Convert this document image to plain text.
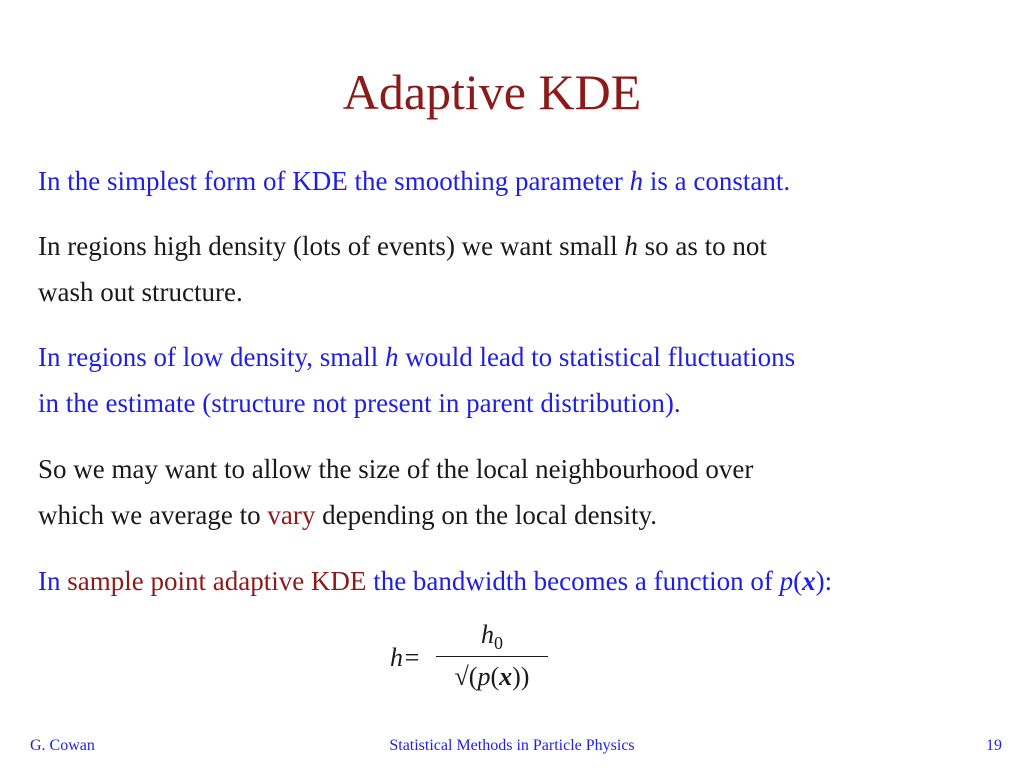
Adaptive KDE
In the simplest form of KDE the smoothing parameter h is a constant.
In regions high density (lots of events) we want small h so as to not
wash out structure.
In regions of low density, small h would lead to statistical fluctuations
in the estimate (structure not present in parent distribution).
So we may want to allow the size of the local neighbourhood over
which we average to vary depending on the local density.
In sample point adaptive KDE the bandwidth becomes a function of p(x):
h=
$h_0$
√(p(x))
G. Cowan	Statistical Methods in Particle Physics	19
